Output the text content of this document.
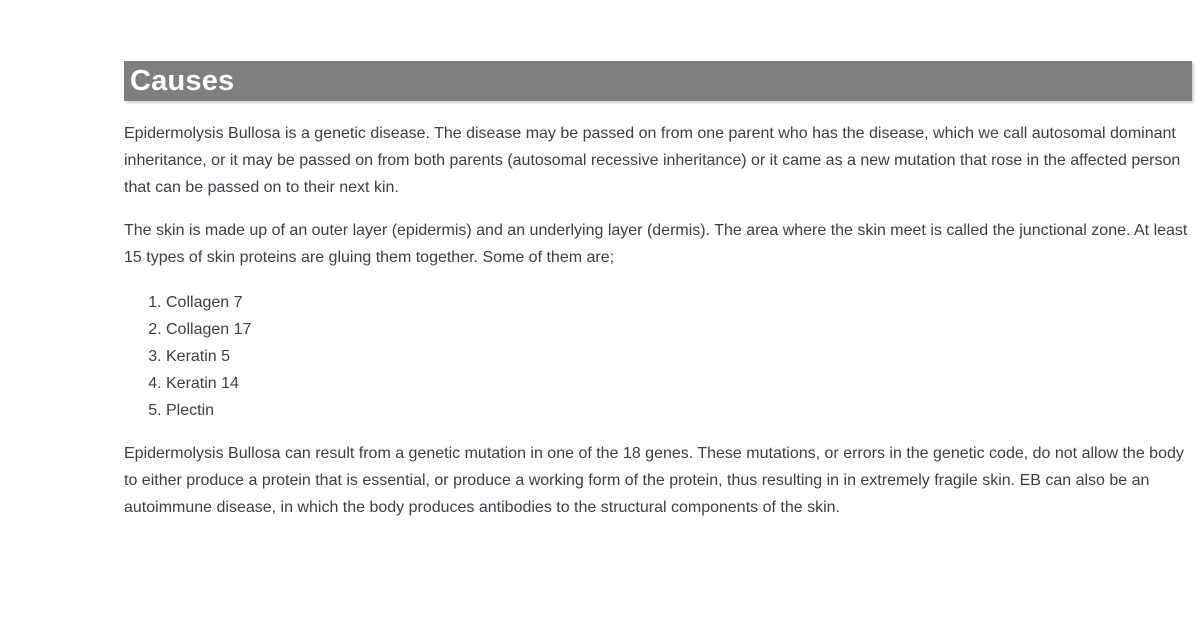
Causes

Epidermolysis Bullosa is a genetic disease. The disease may be passed on from one parent who has the disease, which we call autosomal dominant inheritance, or it may be passed on from both parents (autosomal recessive inheritance) or it came as a new mutation that rose in the affected person that can be passed on to their next kin.

The skin is made up of an outer layer (epidermis) and an underlying layer (dermis). The area where the skin meet is called the junctional zone. At least 15 types of skin proteins are gluing them together. Some of them are;

1. Collagen 7
2. Collagen 17
3. Keratin 5
4. Keratin 14
5. Plectin

Epidermolysis Bullosa can result from a genetic mutation in one of the 18 genes. These mutations, or errors in the genetic code, do not allow the body to either produce a protein that is essential, or produce a working form of the protein, thus resulting in in extremely fragile skin. EB can also be an autoimmune disease, in which the body produces antibodies to the structural components of the skin.
